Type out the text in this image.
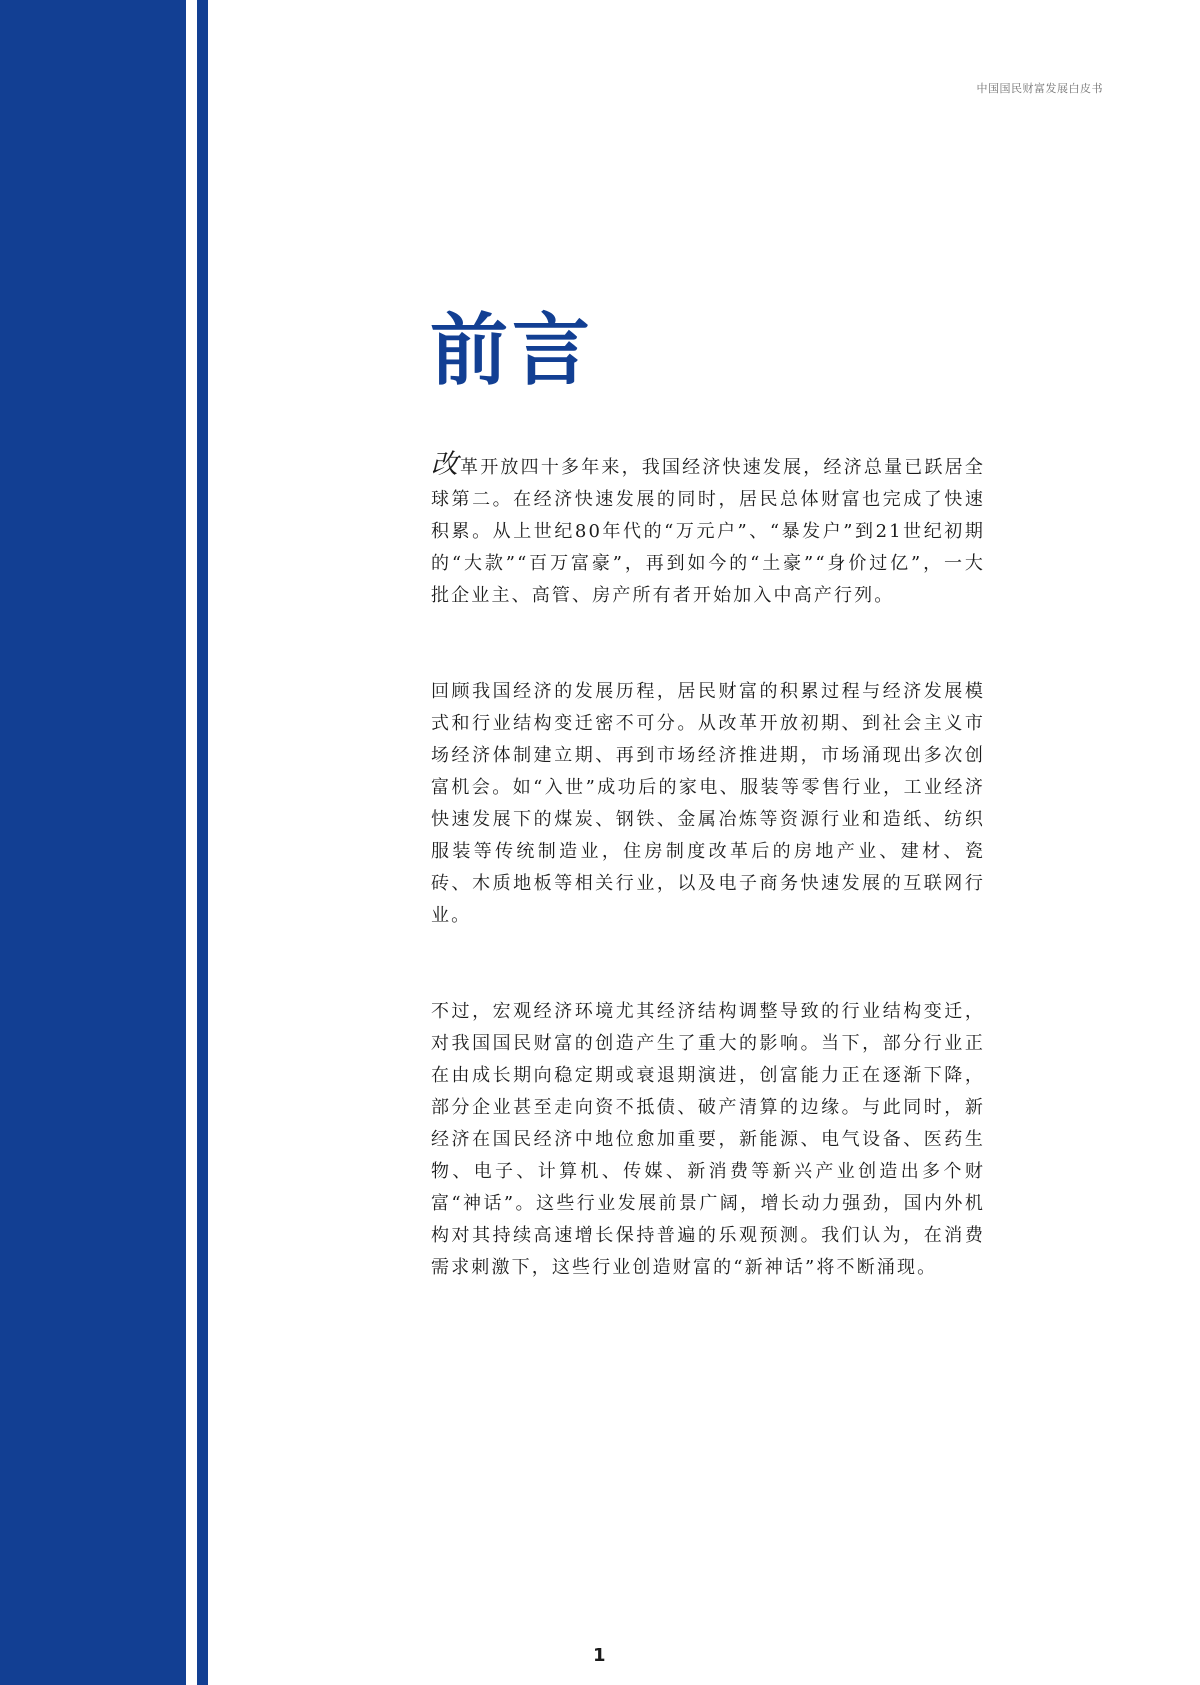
中国国民财富发展白皮书
前言

改革开放四十多年来，我国经济快速发展，经济总量已跃居全球第二。在经济快速发展的同时，居民总体财富也完成了快速积累。从上世纪80年代的“万元户”、“暴发户”到21世纪初期的“大款”“百万富豪”，再到如今的“土豪”“身价过亿”，一大批企业主、高管、房产所有者开始加入中高产行列。

回顾我国经济的发展历程，居民财富的积累过程与经济发展模式和行业结构变迁密不可分。从改革开放初期、到社会主义市场经济体制建立期、再到市场经济推进期，市场涌现出多次创富机会。如“入世”成功后的家电、服装等零售行业，工业经济快速发展下的煤炭、钢铁、金属冶炼等资源行业和造纸、纺织服装等传统制造业，住房制度改革后的房地产业、建材、瓷砖、木质地板等相关行业，以及电子商务快速发展的互联网行业。

不过，宏观经济环境尤其经济结构调整导致的行业结构变迁，对我国国民财富的创造产生了重大的影响。当下，部分行业正在由成长期向稳定期或衰退期演进，创富能力正在逐渐下降，部分企业甚至走向资不抵债、破产清算的边缘。与此同时，新经济在国民经济中地位愈加重要，新能源、电气设备、医药生物、电子、计算机、传媒、新消费等新兴产业创造出多个财富“神话”。这些行业发展前景广阔，增长动力强劲，国内外机构对其持续高速增长保持普遍的乐观预测。我们认为，在消费需求刺激下，这些行业创造财富的“新神话”将不断涌现。

1
